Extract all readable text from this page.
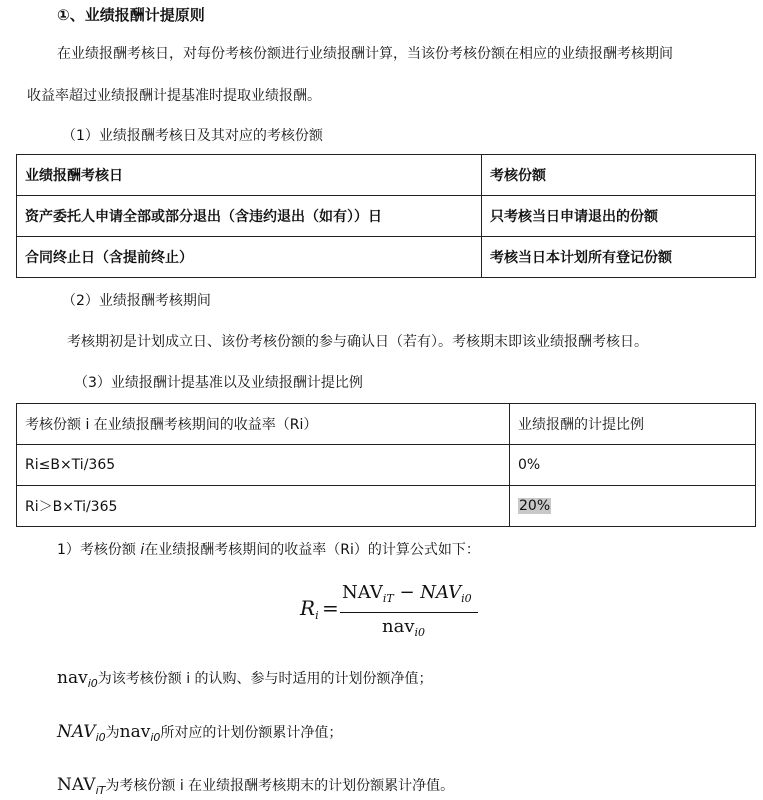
①、业绩报酬计提原则
在业绩报酬考核日，对每份考核份额进行业绩报酬计算，当该份考核份额在相应的业绩报酬考核期间
收益率超过业绩报酬计提基准时提取业绩报酬。
（1）业绩报酬考核日及其对应的考核份额
业绩报酬考核日	考核份额
资产委托人申请全部或部分退出（含违约退出（如有））日	只考核当日申请退出的份额
合同终止日（含提前终止）	考核当日本计划所有登记份额
（2）业绩报酬考核期间
考核期初是计划成立日、该份考核份额的参与确认日（若有）。考核期末即该业绩报酬考核日。
（3）业绩报酬计提基准以及业绩报酬计提比例
考核份额 i 在业绩报酬考核期间的收益率（Ri）	业绩报酬的计提比例
Ri≤B×Ti/365	0%
Ri＞B×Ti/365	20%
1）考核份额 i在业绩报酬考核期间的收益率（Ri）的计算公式如下：
$R_i$ =
$NAV_{iT} - NAV_{i0}$
nav$_{i0}$
nav$_{i0}$为该考核份额 i 的认购、参与时适用的计划份额净值；
$NAV_{i0}$为nav$_{i0}$所对应的计划份额累计净值；
$NAV_{iT}$为考核份额 i 在业绩报酬考核期末的计划份额累计净值。
